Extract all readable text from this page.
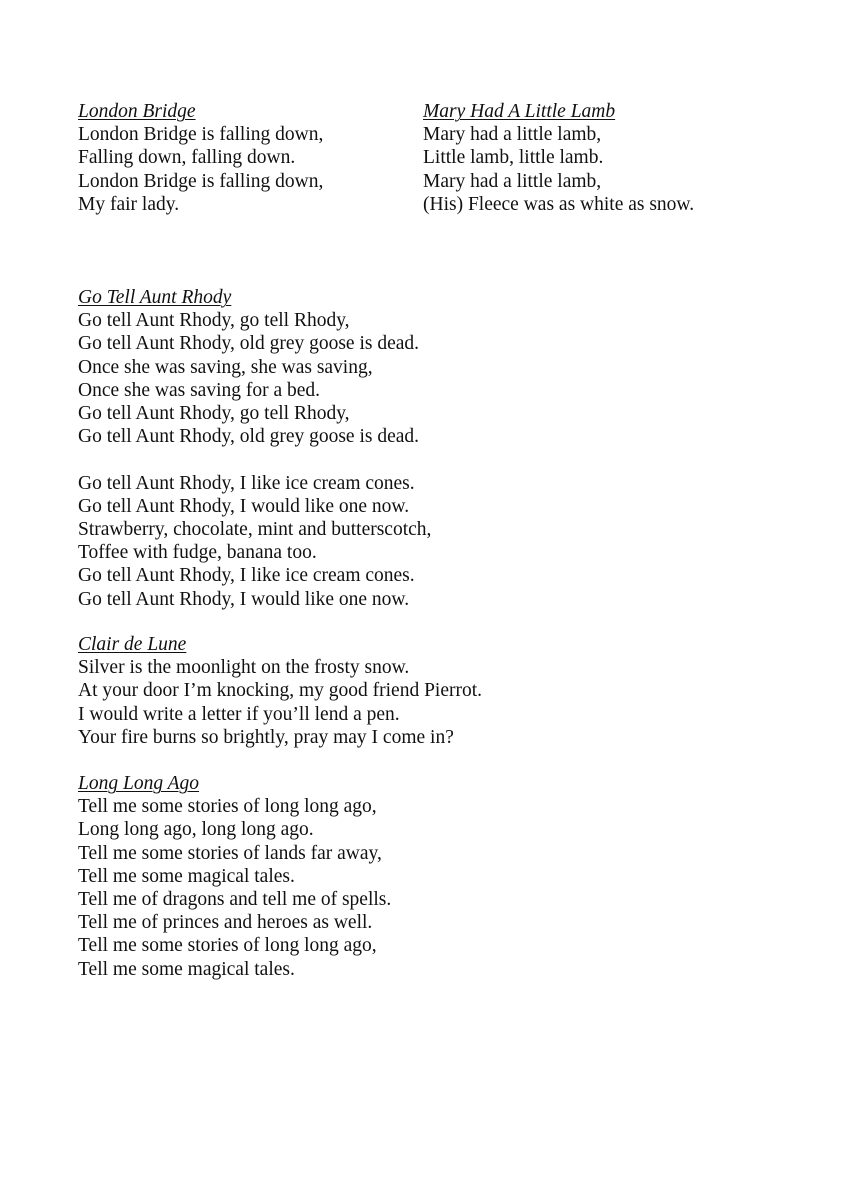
London Bridge
London Bridge is falling down,
Falling down, falling down.
London Bridge is falling down,
My fair lady.
Mary Had A Little Lamb
Mary had a little lamb,
Little lamb, little lamb.
Mary had a little lamb,
(His) Fleece was as white as snow.
Go Tell Aunt Rhody
Go tell Aunt Rhody, go tell Rhody,
Go tell Aunt Rhody, old grey goose is dead.
Once she was saving, she was saving,
Once she was saving for a bed.
Go tell Aunt Rhody, go tell Rhody,
Go tell Aunt Rhody, old grey goose is dead.
Go tell Aunt Rhody, I like ice cream cones.
Go tell Aunt Rhody, I would like one now.
Strawberry, chocolate, mint and butterscotch,
Toffee with fudge, banana too.
Go tell Aunt Rhody, I like ice cream cones.
Go tell Aunt Rhody, I would like one now.
Clair de Lune
Silver is the moonlight on the frosty snow.
At your door I’m knocking, my good friend Pierrot.
I would write a letter if you’ll lend a pen.
Your fire burns so brightly, pray may I come in?
Long Long Ago
Tell me some stories of long long ago,
Long long ago, long long ago.
Tell me some stories of lands far away,
Tell me some magical tales.
Tell me of dragons and tell me of spells.
Tell me of princes and heroes as well.
Tell me some stories of long long ago,
Tell me some magical tales.
